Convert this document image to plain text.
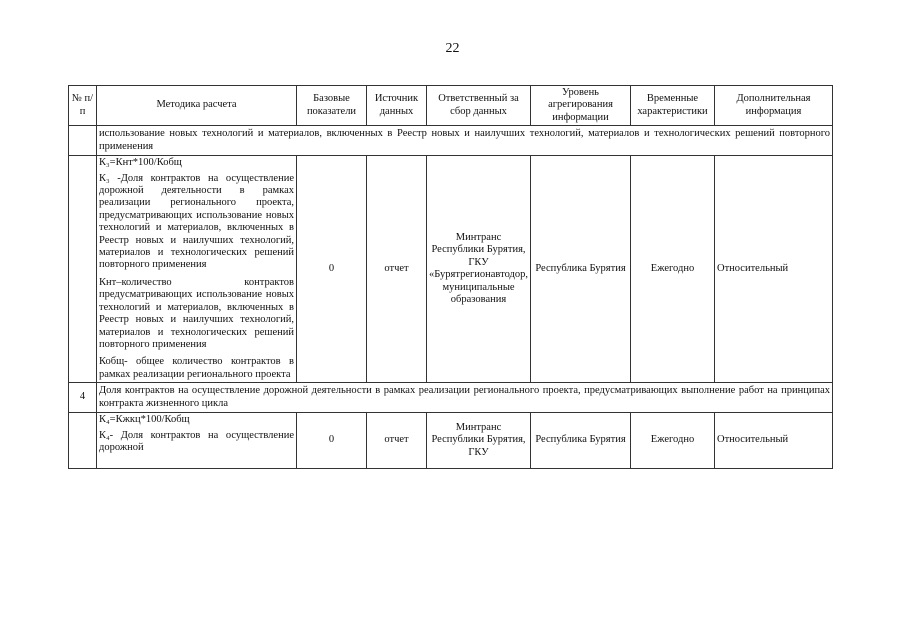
22
№ п/п	Методика расчета	Базовые показатели	Источник данных	Ответственный за сбор данных	Уровень агрегирования информации	Временные характеристики	Дополнительная информация
	использование новых технологий и материалов, включенных в Реестр новых и наилучших технологий, материалов и технологических решений повторного применения						

	К₃=Кнт*100/Кобщ
К₃ -Доля контрактов на осуществление дорожной деятельности в рамках реализации регионального проекта, предусматривающих использование новых технологий и материалов, включенных в Реестр новых и наилучших технологий, материалов и технологических решений повторного применения
Кнт–количество контрактов предусматривающих использование новых технологий и материалов, включенных в Реестр новых и наилучших технологий, материалов и технологических решений повторного применения
Кобщ- общее количество контрактов в рамках реализации регионального проекта	0	отчет	Минтранс Республики Бурятия, ГКУ «Бурятрегионавтодор, муниципальные образования	Республика Бурятия	Ежегодно	Относительный
4	Доля контрактов на осуществление дорожной деятельности в рамках реализации регионального проекта, предусматривающих выполнение работ на принципах контракта жизненного цикла						

	К₄=Кжкц*100/Кобщ
К₄- Доля контрактов на осуществление дорожной	0	отчет	Минтранс Республики Бурятия, ГКУ	Республика Бурятия	Ежегодно	Относительный
